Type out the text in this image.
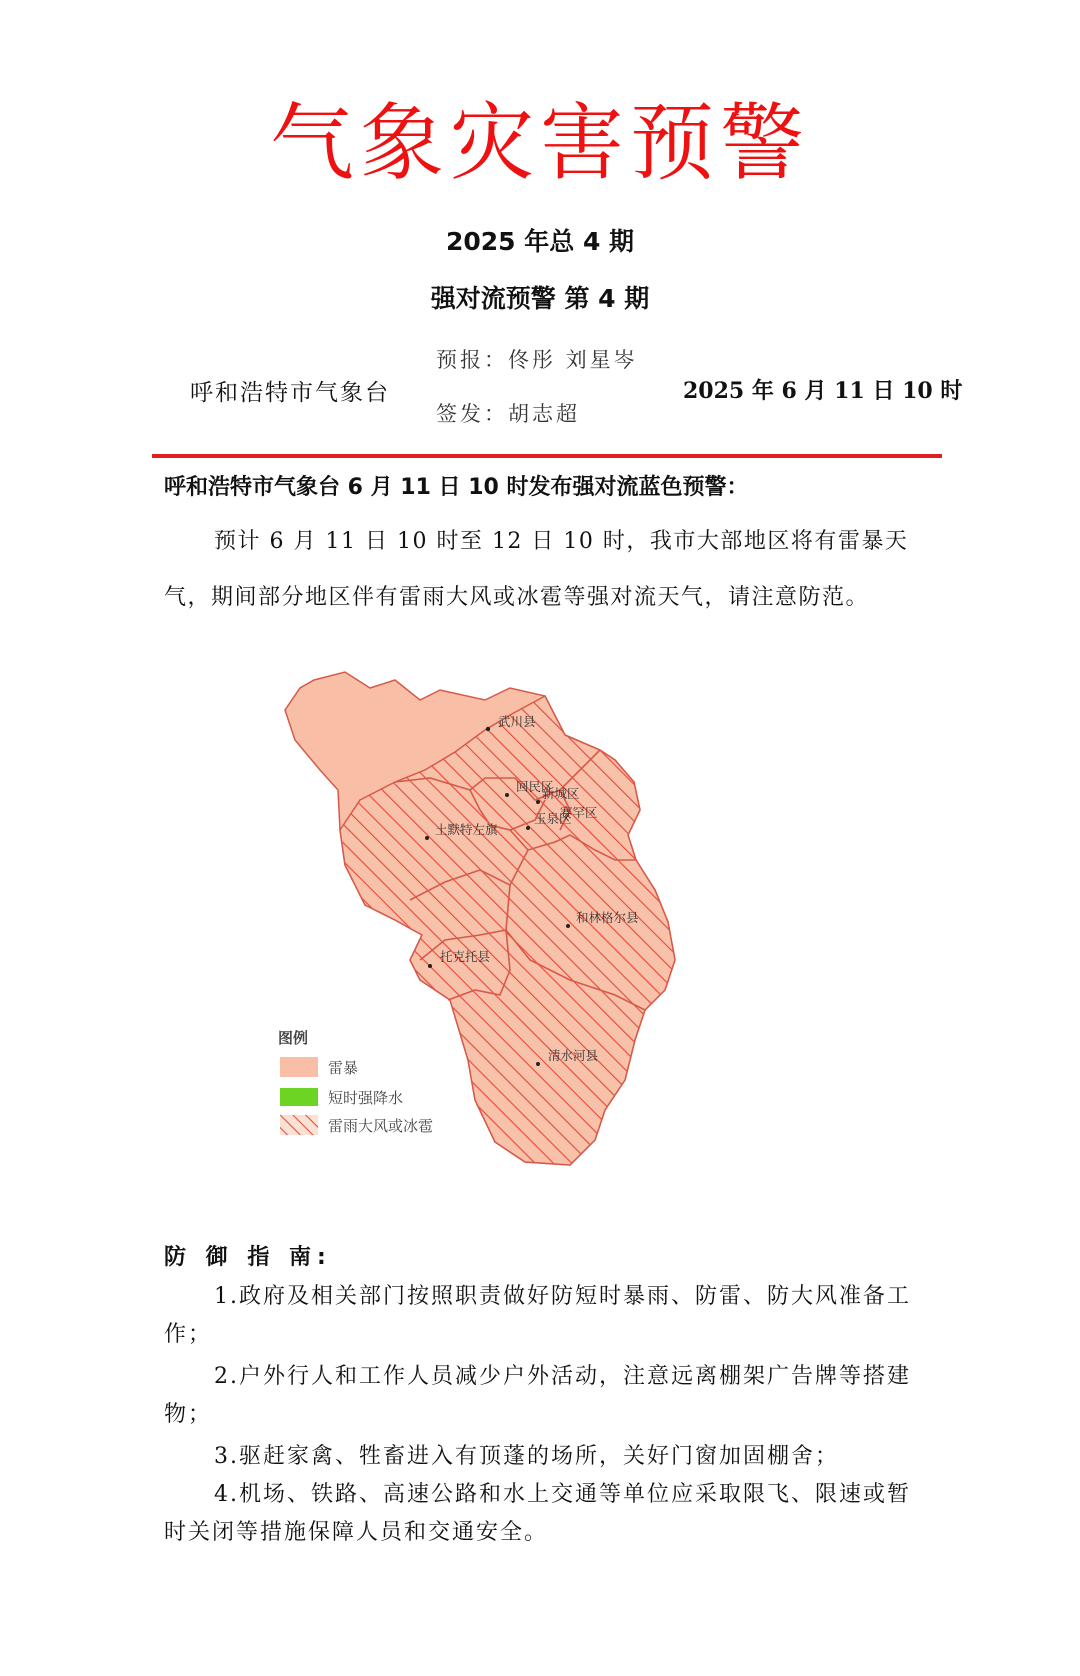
气象灾害预警
2025 年总 4 期
强对流预警 第 4 期
呼和浩特市气象台
预报：佟彤 刘星岑
签发：胡志超
2025 年 6 月 11 日 10 时
呼和浩特市气象台 6 月 11 日 10 时发布强对流蓝色预警：
预计 6 月 11 日 10 时至 12 日 10 时，我市大部地区将有雷暴天气，期间部分地区伴有雷雨大风或冰雹等强对流天气，请注意防范。
武川县
回民区
新城区
玉泉区
赛罕区
土默特左旗
和林格尔县
托克托县
清水河县
图例
雷暴
短时强降水
雷雨大风或冰雹
防 御 指 南:
1.政府及相关部门按照职责做好防短时暴雨、防雷、防大风准备工作；
2.户外行人和工作人员减少户外活动，注意远离棚架广告牌等搭建物；
3.驱赶家禽、牲畜进入有顶蓬的场所，关好门窗加固棚舍；
4.机场、铁路、高速公路和水上交通等单位应采取限飞、限速或暂时关闭等措施保障人员和交通安全。
